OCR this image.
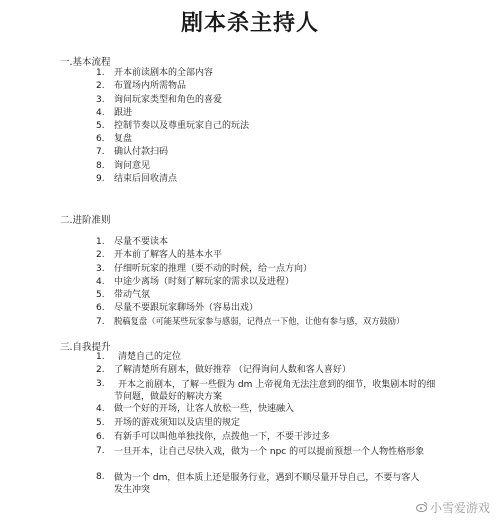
剧本杀主持人
一.基本流程
1. 开本前读剧本的全部内容
2. 布置场内所需物品
3. 询问玩家类型和角色的喜爱
4. 跟进
5. 控制节奏以及尊重玩家自己的玩法
6. 复盘
7. 确认付款扫码
8. 询问意见
9. 结束后回收清点
二.进阶准则
1. 尽量不要读本
2. 开本前了解客人的基本水平
3. 仔细听玩家的推理（要不动的时候，给一点方向）
4. 中途少离场（时刻了解玩家的需求以及进程）
5. 带动气氛
6. 尽量不要跟玩家聊场外（容易出戏）
7. 脱稿复盘（可能某些玩家参与感弱，记得点一下他，让他有参与感，双方鼓励）
三.自我提升
1. 清楚自己的定位
2. 了解清楚所有剧本，做好推荐 （记得询问人数和客人喜好）
3.	开本之前剧本，了解一些假为 dm 上帝视角无法注意到的细节，收集剧本时的细节问题，做最好的解决方案
4. 做一个好的开场，让客人放松一些，快速融入
5. 开场的游戏须知以及店里的规定
6. 有新手可以叫他单独找你，点拨他一下，不要干涉过多
7.	一旦开本，让自己尽快入戏，做为一个 npc 的可以提前预想一个人物性格形象
8.	做为一个 dm，但本质上还是服务行业，遇到不顺尽量开导自己，不要与客人发生冲突
小雪爱游戏
